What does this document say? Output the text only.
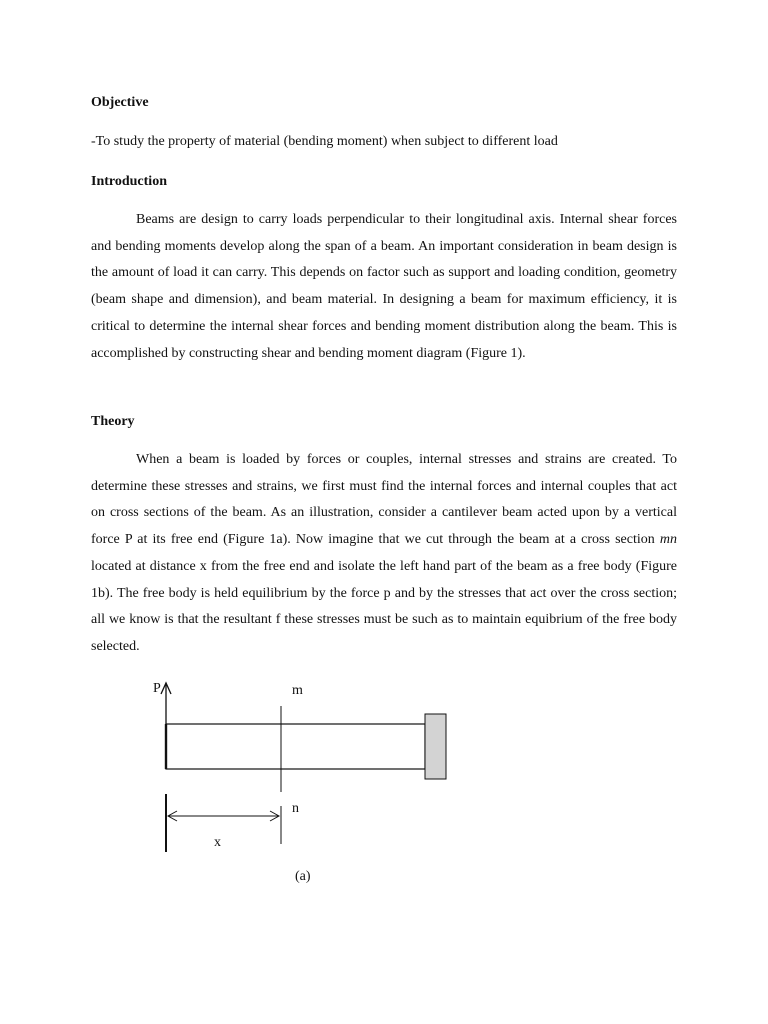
Objective

-To study the property of material (bending moment) when subject to different load

Introduction

Beams are design to carry loads perpendicular to their longitudinal axis. Internal shear forces and bending moments develop along the span of a beam. An important consideration in beam design is the amount of load it can carry. This depends on factor such as support and loading condition, geometry (beam shape and dimension), and beam material. In designing a beam for maximum efficiency, it is critical to determine the internal shear forces and bending moment distribution along the beam. This is accomplished by constructing shear and bending moment diagram (Figure 1).

Theory

When a beam is loaded by forces or couples, internal stresses and strains are created. To determine these stresses and strains, we first must find the internal forces and internal couples that act on cross sections of the beam. As an illustration, consider a cantilever beam acted upon by a vertical force P at its free end (Figure 1a). Now imagine that we cut through the beam at a cross section mn located at distance x from the free end and isolate the left hand part of the beam as a free body (Figure 1b). The free body is held equilibrium by the force p and by the stresses that act over the cross section; all we know is that the resultant f these stresses must be such as to maintain equibrium of the free body selected.

P	m
n
x
(a)
